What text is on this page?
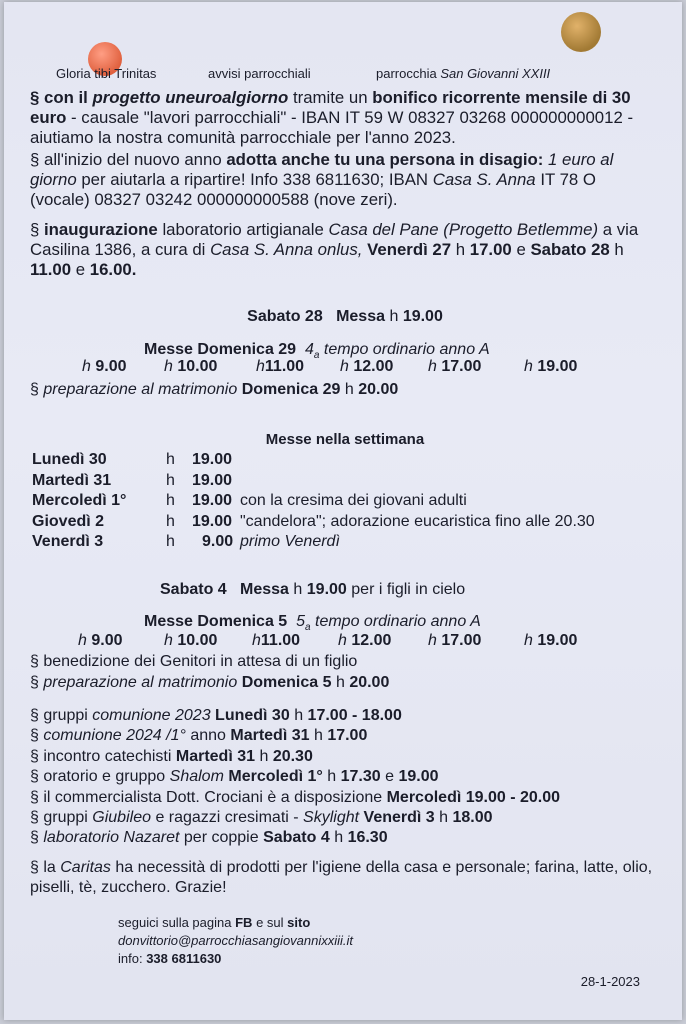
Gloria tibi Trinitas	avvisi parrocchiali	parrocchia San Giovanni XXIII
§ con il progetto uneuroalgiorno tramite un bonifico ricorrente mensile di 30 euro - causale "lavori parrocchiali" - IBAN IT 59 W 08327 03268 000000000012 - aiutiamo la nostra comunità parrocchiale per l'anno 2023.
§ all'inizio del nuovo anno adotta anche tu una persona in disagio: 1 euro al giorno per aiutarla a ripartire! Info 338 6811630; IBAN Casa S. Anna IT 78 O (vocale) 08327 03242 000000000588 (nove zeri).
§ inaugurazione laboratorio artigianale Casa del Pane (Progetto Betlemme) a via Casilina 1386, a cura di Casa S. Anna onlus, Venerdì 27 h 17.00 e Sabato 28 h 11.00 e 16.00.
Sabato 28 Messa h 19.00
Messe Domenica 29 $4_a$ tempo ordinario anno A
h 9.00 h 10.00 h11.00 h 12.00 h 17.00	h 19.00
§ preparazione al matrimonio Domenica 29 h 20.00
Messe nella settimana
Lunedì 30	h 19.00
Martedì 31	h 19.00
Mercoledì 1° h 19.00 con la cresima dei giovani adulti
Giovedì 2	h 19.00 "candelora"; adorazione eucaristica fino alle 20.30
Venerdì 3	h 9.00 primo Venerdì
Sabato 4 Messa h 19.00 per i figli in cielo
Messe Domenica 5 $5_a$ tempo ordinario anno A
h 9.00	h 10.00 h11.00 h 12.00 h 17.00	h 19.00
§ benedizione dei Genitori in attesa di un figlio
§ preparazione al matrimonio Domenica 5 h 20.00
§ gruppi comunione 2023 Lunedì 30 h 17.00 - 18.00
§ comunione 2024 /1° anno Martedì 31 h 17.00
§ incontro catechisti Martedì 31 h 20.30
§ oratorio e gruppo Shalom Mercoledì 1° h 17.30 e 19.00
§ il commercialista Dott. Crociani è a disposizione Mercoledì 19.00 - 20.00
§ gruppi Giubileo e ragazzi cresimati - Skylight Venerdì 3 h 18.00
§ laboratorio Nazaret per coppie Sabato 4 h 16.30
§ la Caritas ha necessità di prodotti per l'igiene della casa e personale; farina, latte, olio, piselli, tè, zucchero. Grazie!
seguici sulla pagina FB e sul sito
donvittorio@parrocchiasangiovannixxiii.it
info: 338 6811630
28-1-2023
